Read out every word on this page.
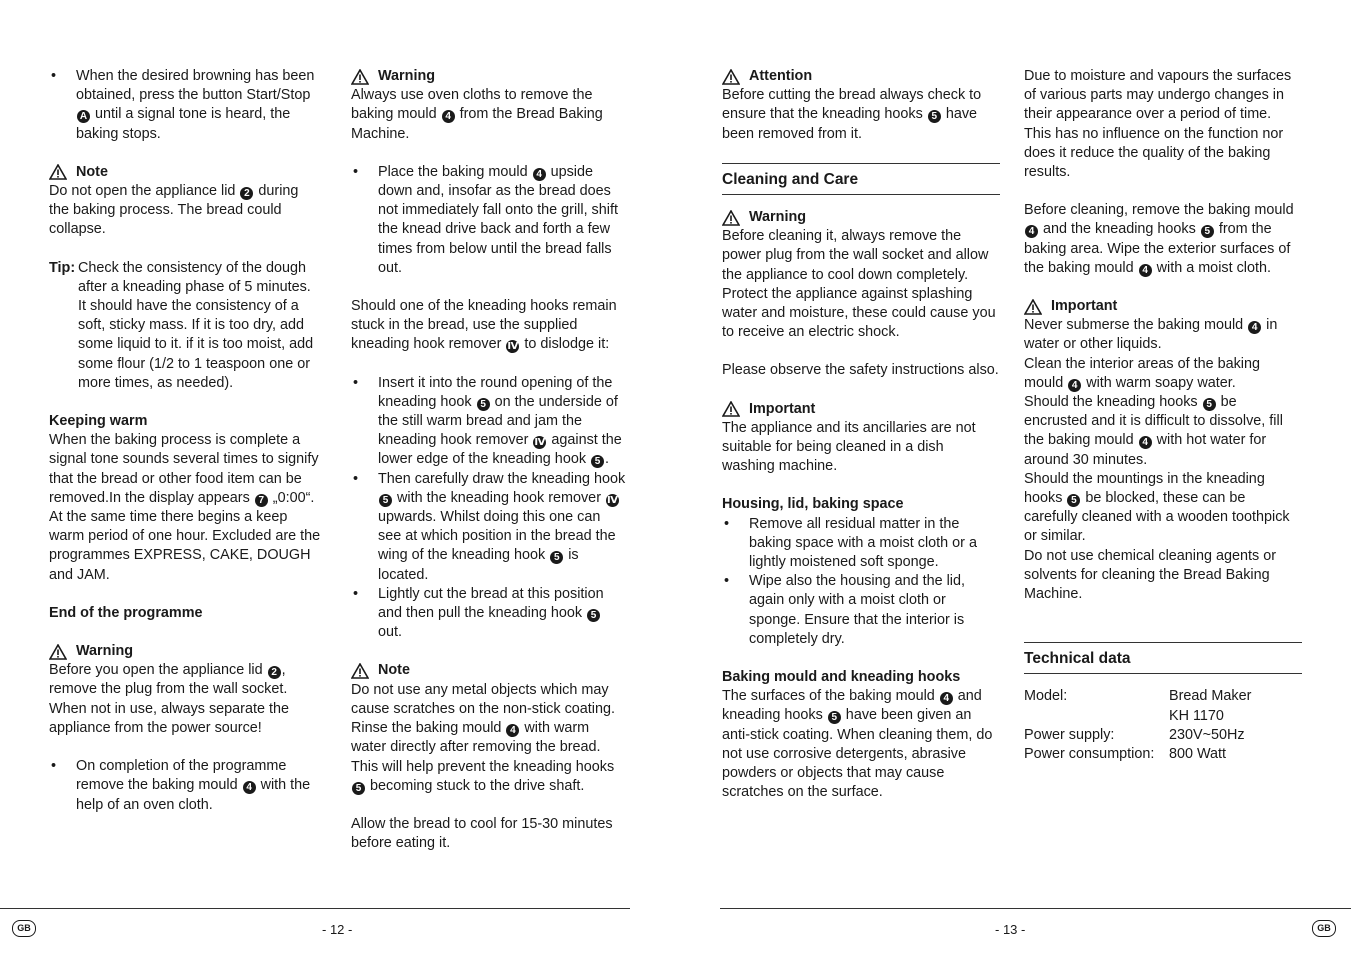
• When the desired browning has been obtained, press the button Start/Stop A until a signal tone is heard, the baking stops.
Note

Do not open the appliance lid 2 during the baking process. The bread could collapse.

Tip: Check the consistency of the dough after a kneading phase of 5 minutes. It should have the consistency of a soft, sticky mass. If it is too dry, add some liquid to it. if it is too moist, add some flour (1/2 to 1 teaspoon one or more times, as needed).

Keeping warm

When the baking process is complete a signal tone sounds several times to signify that the bread or other food item can be removed.In the display appears 7 „0:00“. At the same time there begins a keep warm period of one hour. Excluded are the programmes EXPRESS, CAKE, DOUGH and JAM.

End of the programme

Warning

Before you open the appliance lid 2 , remove the plug from the wall socket. When not in use, always separate the appliance from the power source!

• On completion of the programme remove the baking mould 4 with the help of an oven cloth.
Warning

Always use oven cloths to remove the baking mould 4 from the Bread Baking Machine.

• Place the baking mould 4 upside down and, insofar as the bread does not immediately fall onto the grill, shift the knead drive back and forth a few times from below until the bread falls out.

Should one of the kneading hooks remain stuck in the bread, use the supplied kneading hook remover Ⅳ to dislodge it:

• Insert it into the round opening of the kneading hook 5 on the underside of the still warm bread and jam the kneading hook remover Ⅳ against the lower edge of the kneading hook 5 .
• Then carefully draw the kneading hook 5 with the kneading hook remover Ⅳ upwards. Whilst doing this one can see at which position in the bread the wing of the kneading hook 5 is located.
• Lightly cut the bread at this position and then pull the kneading hook 5 out.
Note

Do not use any metal objects which may cause scratches on the non-stick coating. Rinse the baking mould 4 with warm water directly after removing the bread. This will help prevent the kneading hooks 5 becoming stuck to the drive shaft.

Allow the bread to cool for 15-30 minutes before eating it.

Attention

Before cutting the bread always check to ensure that the kneading hooks 5 have been removed from it.

Cleaning and Care
Warning

Before cleaning it, always remove the power plug from the wall socket and allow the appliance to cool down completely.

Protect the appliance against splashing water and moisture, these could cause you to receive an electric shock.

Please observe the safety instructions also.

Important

The appliance and its ancillaries are not suitable for being cleaned in a dish washing machine.

Housing, lid, baking space

• Remove all residual matter in the baking space with a moist cloth or a lightly moistened soft sponge.
• Wipe also the housing and the lid, again only with a moist cloth or sponge. Ensure that the interior is completely dry.

Baking mould and kneading hooks

The surfaces of the baking mould 4 and kneading hooks 5 have been given an anti-stick coating. When cleaning them, do not use corrosive detergents, abrasive powders or objects that may cause scratches on the surface.

Due to moisture and vapours the surfaces of various parts may undergo changes in their appearance over a period of time. This has no influence on the function nor does it reduce the quality of the baking results.

Before cleaning, remove the baking mould 4 and the kneading hooks 5 from the baking area. Wipe the exterior surfaces of the baking mould 4 with a moist cloth.

Important

Never submerse the baking mould 4 in water or other liquids.

Clean the interior areas of the baking mould 4 with warm soapy water.

Should the kneading hooks 5 be encrusted and it is difficult to dissolve, fill the baking mould 4 with hot water for around 30 minutes.

Should the mountings in the kneading hooks 5 be blocked, these can be carefully cleaned with a wooden toothpick or similar.

Do not use chemical cleaning agents or solvents for cleaning the Bread Baking Machine.

Technical data
Model:	Bread Maker
KH 1170
Power supply:	230V~50Hz
Power consumption:	800 Watt
GB	- 12 -	- 13 -	GB
